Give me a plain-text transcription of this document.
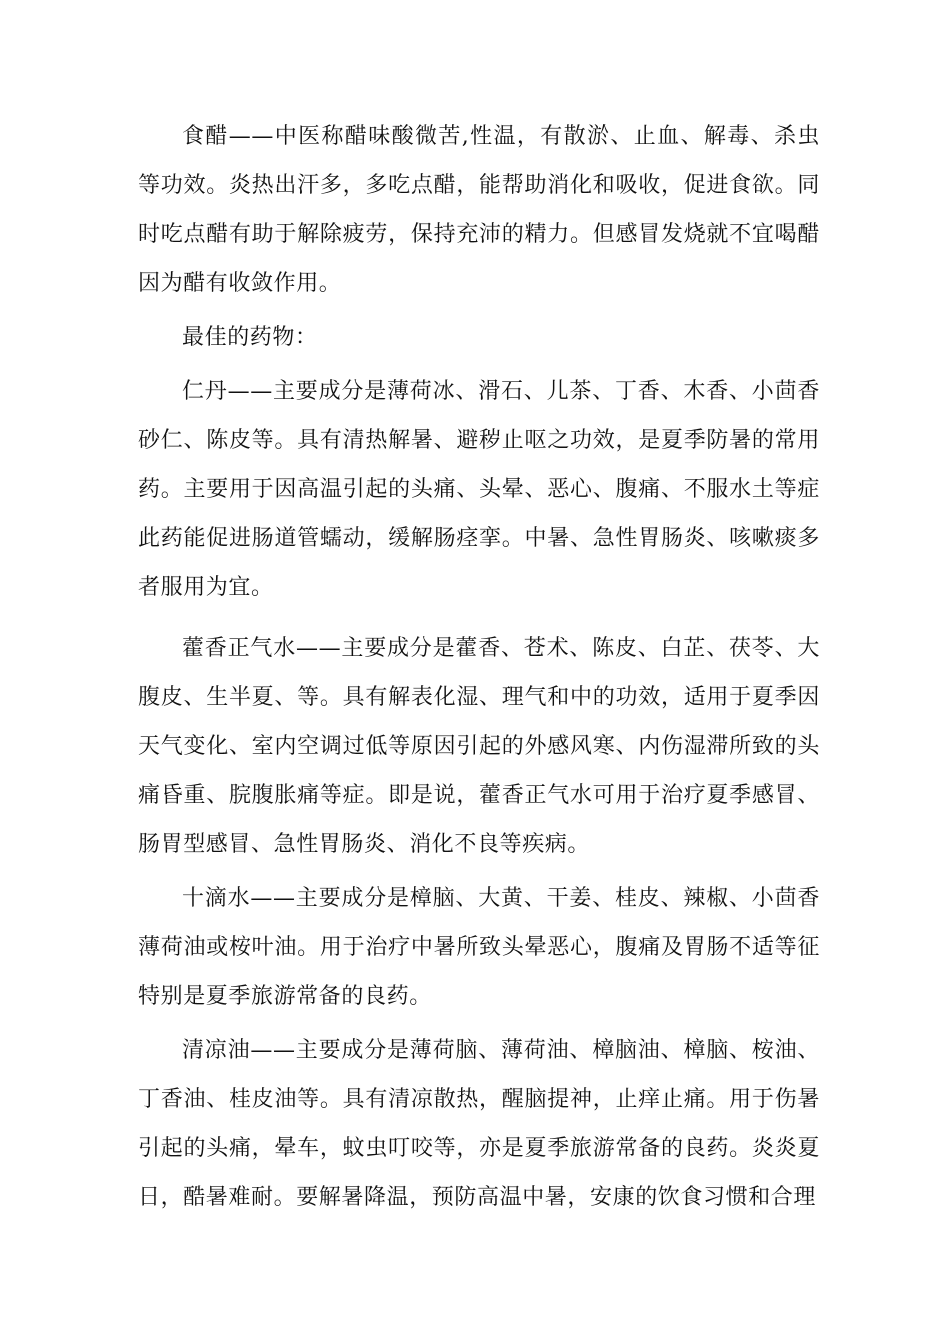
食醋——中医称醋味酸微苦,性温，有散淤、止血、解毒、杀虫等功效。炎热出汗多，多吃点醋，能帮助消化和吸收，促进食欲。同时吃点醋有助于解除疲劳，保持充沛的精力。但感冒发烧就不宜喝醋因为醋有收敛作用。

最佳的药物：

仁丹——主要成分是薄荷冰、滑石、儿茶、丁香、木香、小茴香砂仁、陈皮等。具有清热解暑、避秽止呕之功效，是夏季防暑的常用药。主要用于因高温引起的头痛、头晕、恶心、腹痛、不服水土等症此药能促进肠道管蠕动，缓解肠痉挛。中暑、急性胃肠炎、咳嗽痰多者服用为宜。

藿香正气水——主要成分是藿香、苍术、陈皮、白芷、茯苓、大腹皮、生半夏、等。具有解表化湿、理气和中的功效，适用于夏季因天气变化、室内空调过低等原因引起的外感风寒、内伤湿滞所致的头痛昏重、脘腹胀痛等症。即是说，藿香正气水可用于治疗夏季感冒、肠胃型感冒、急性胃肠炎、消化不良等疾病。

十滴水——主要成分是樟脑、大黄、干姜、桂皮、辣椒、小茴香薄荷油或桉叶油。用于治疗中暑所致头晕恶心，腹痛及胃肠不适等征特别是夏季旅游常备的良药。

清凉油——主要成分是薄荷脑、薄荷油、樟脑油、樟脑、桉油、丁香油、桂皮油等。具有清凉散热，醒脑提神，止痒止痛。用于伤暑引起的头痛，晕车，蚊虫叮咬等，亦是夏季旅游常备的良药。炎炎夏日，酷暑难耐。要解暑降温，预防高温中暑，安康的饮食习惯和合理
